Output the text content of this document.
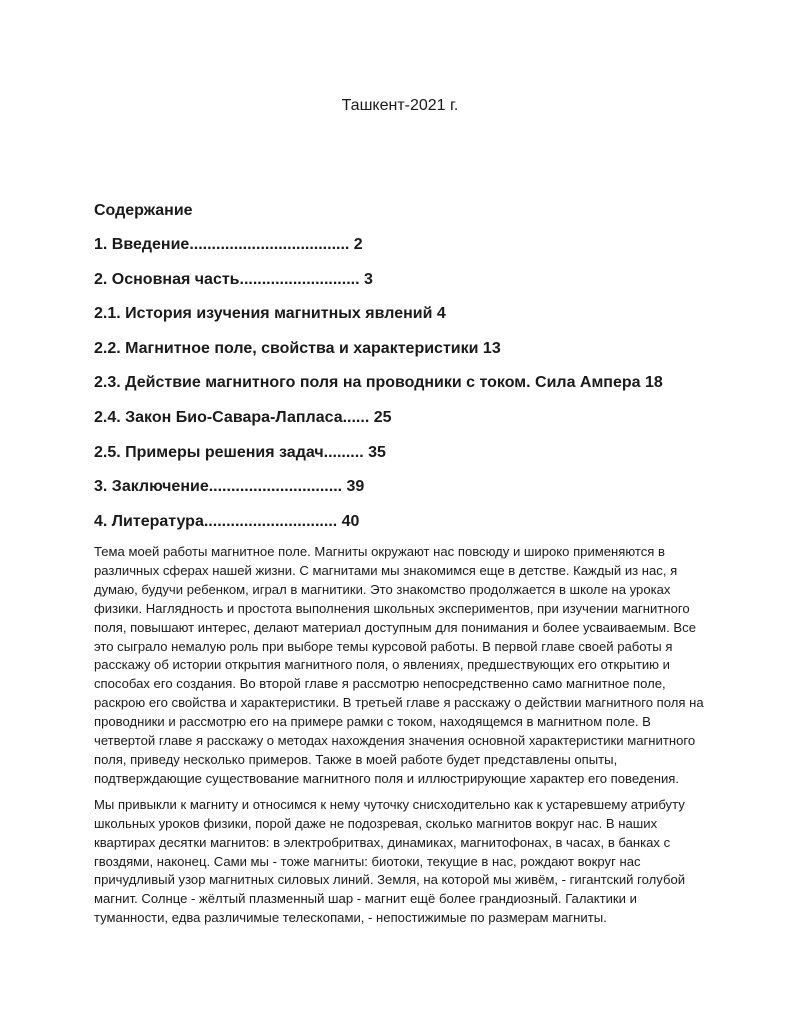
Ташкент-2021 г.
Содержание
1. Введение.................................... 2
2. Основная часть........................... 3
2.1. История изучения магнитных явлений 4
2.2. Магнитное поле, свойства и характеристики 13
2.3. Действие магнитного поля на проводники с током. Сила Ампера 18
2.4. Закон Био-Савара-Лапласа...... 25
2.5. Примеры решения задач......... 35
3. Заключение.............................. 39
4. Литература.............................. 40

Тема моей работы магнитное поле. Магниты окружают нас повсюду и широко применяются в различных сферах нашей жизни. С магнитами мы знакомимся еще в детстве. Каждый из нас, я думаю, будучи ребенком, играл в магнитики. Это знакомство продолжается в школе на уроках физики. Наглядность и простота выполнения школьных экспериментов, при изучении магнитного поля, повышают интерес, делают материал доступным для понимания и более усваиваемым. Все это сыграло немалую роль при выборе темы курсовой работы. В первой главе своей работы я расскажу об истории открытия магнитного поля, о явлениях, предшествующих его открытию и способах его создания. Во второй главе я рассмотрю непосредственно само магнитное поле, раскрою его свойства и характеристики. В третьей главе я расскажу о действии магнитного поля на проводники и рассмотрю его на примере рамки с током, находящемся в магнитном поле. В четвертой главе я расскажу о методах нахождения значения основной характеристики магнитного поля, приведу несколько примеров. Также в моей работе будет представлены опыты, подтверждающие существование магнитного поля и иллюстрирующие характер его поведения.

Мы привыкли к магниту и относимся к нему чуточку снисходительно как к устаревшему атрибуту школьных уроков физики, порой даже не подозревая, сколько магнитов вокруг нас. В наших квартирах десятки магнитов: в электробритвах, динамиках, магнитофонах, в часах, в банках с гвоздями, наконец. Сами мы - тоже магниты: биотоки, текущие в нас, рождают вокруг нас причудливый узор магнитных силовых линий. Земля, на которой мы живём, - гигантский голубой магнит. Солнце - жёлтый плазменный шар - магнит ещё более грандиозный. Галактики и туманности, едва различимые телескопами, - непостижимые по размерам магниты.
